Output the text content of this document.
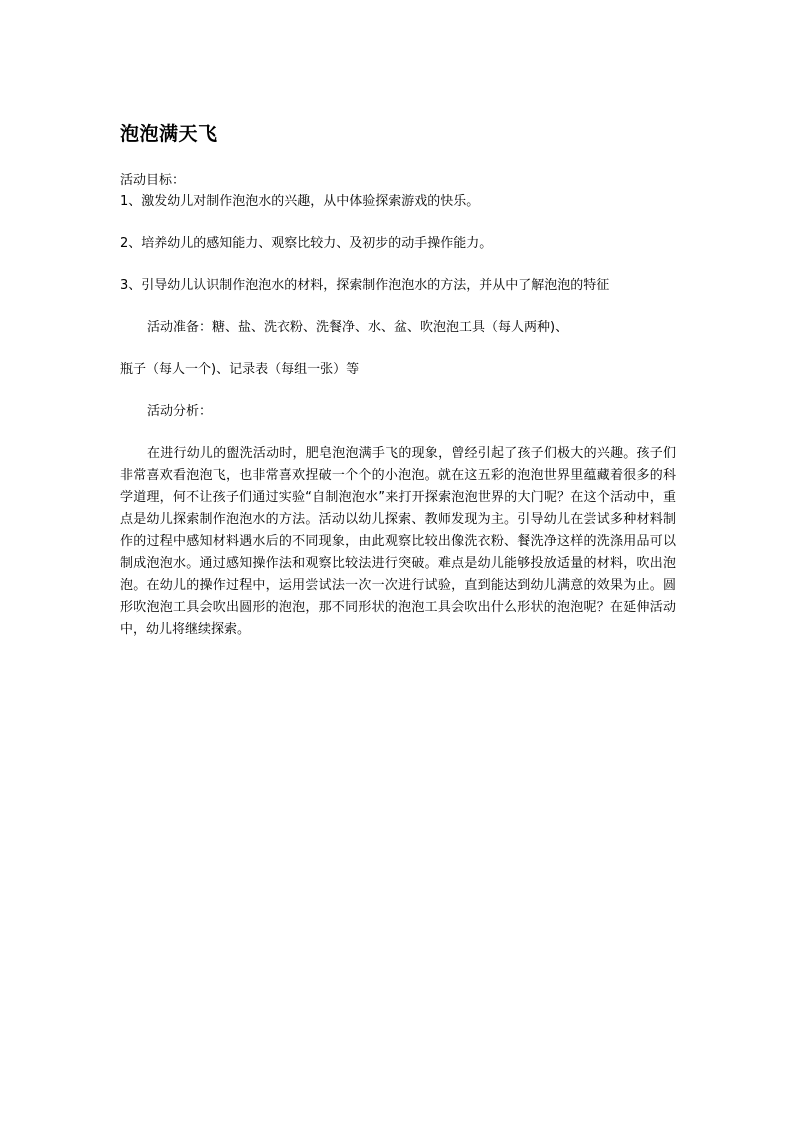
泡泡满天飞

活动目标：

1、激发幼儿对制作泡泡水的兴趣，从中体验探索游戏的快乐。

2、培养幼儿的感知能力、观察比较力、及初步的动手操作能力。

3、引导幼儿认识制作泡泡水的材料，探索制作泡泡水的方法，并从中了解泡泡的特征

活动准备：糖、盐、洗衣粉、洗餐净、水、盆、吹泡泡工具（每人两种)、

瓶子（每人一个)、记录表（每组一张）等

活动分析：

在进行幼儿的盥洗活动时，肥皂泡泡满手飞的现象，曾经引起了孩子们极大的兴趣。孩子们非常喜欢看泡泡飞，也非常喜欢捏破一个个的小泡泡。就在这五彩的泡泡世界里蕴藏着很多的科学道理，何不让孩子们通过实验“自制泡泡水”来打开探索泡泡世界的大门呢？在这个活动中，重点是幼儿探索制作泡泡水的方法。活动以幼儿探索、教师发现为主。引导幼儿在尝试多种材料制作的过程中感知材料遇水后的不同现象，由此观察比较出像洗衣粉、餐洗净这样的洗涤用品可以制成泡泡水。通过感知操作法和观察比较法进行突破。难点是幼儿能够投放适量的材料，吹出泡泡。在幼儿的操作过程中，运用尝试法一次一次进行试验，直到能达到幼儿满意的效果为止。圆形吹泡泡工具会吹出圆形的泡泡，那不同形状的泡泡工具会吹出什么形状的泡泡呢？在延伸活动中，幼儿将继续探索。
